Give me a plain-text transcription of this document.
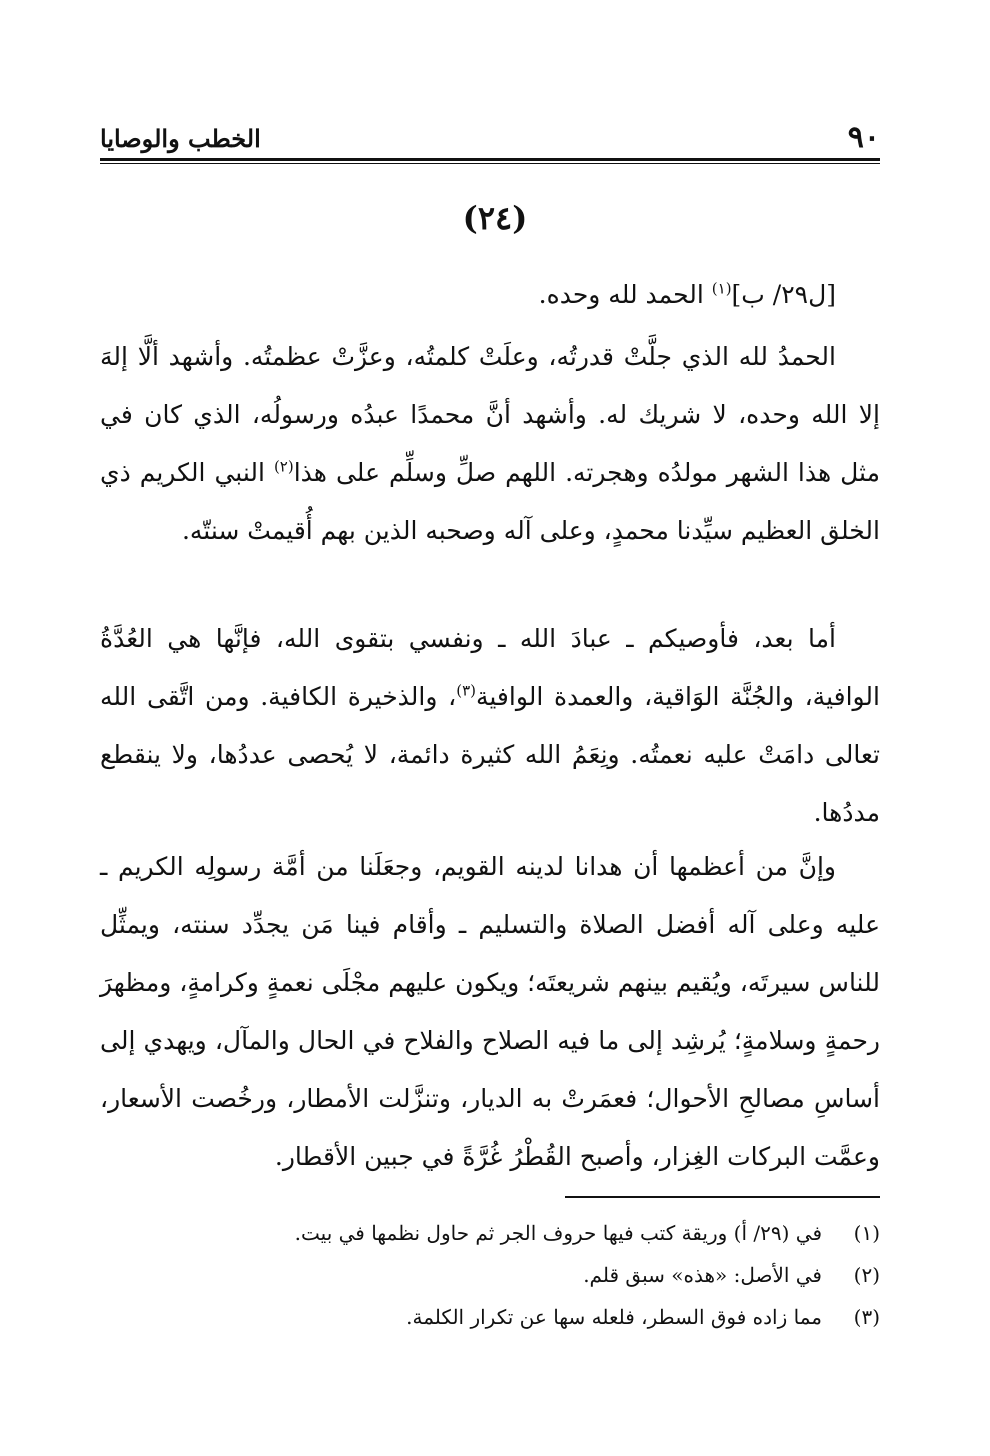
٩٠
الخطب والوصايا
(٢٤)
[ل٢٩/ ب]$^{(١)}$ الحمد لله وحده.
الحمدُ لله الذي جلَّتْ قدرتُه، وعلَتْ كلمتُه، وعزَّتْ عظمتُه. وأشهد ألَّا إلهَ إلا الله وحده، لا شريك له. وأشهد أنَّ محمدًا عبدُه ورسولُه، الذي كان في مثل هذا الشهر مولدُه وهجرته. اللهم صلِّ وسلِّم على هذا$^{(٢)}$ النبي الكريم ذي الخلق العظيم سيِّدنا محمدٍ، وعلى آله وصحبه الذين بهم أُقيمتْ سنتّه.
أما بعد، فأوصيكم ـ عبادَ الله ـ ونفسي بتقوى الله، فإنَّها هي العُدَّةُ الوافية، والجُنَّة الوَاقية، والعمدة الوافية$^{(٣)}$، والذخيرة الكافية. ومن اتَّقى الله تعالى دامَتْ عليه نعمتُه. ونِعَمُ الله كثيرة دائمة، لا يُحصى عددُها، ولا ينقطع مددُها.
وإنَّ من أعظمها أن هدانا لدينه القويم، وجعَلَنا من أمَّة رسولِه الكريم ـ عليه وعلى آله أفضل الصلاة والتسليم ـ وأقام فينا مَن يجدِّد سنته، ويمثِّل للناس سيرتَه، ويُقيم بينهم شريعتَه؛ ويكون عليهم مجْلَى نعمةٍ وكرامةٍ، ومظهرَ رحمةٍ وسلامةٍ؛ يُرشِد إلى ما فيه الصلاح والفلاح في الحال والمآل، ويهدي إلى أساسِ مصالحِ الأحوال؛ فعمَرتْ به الديار، وتنزَّلت الأمطار، ورخُصت الأسعار، وعمَّت البركات الغِزار، وأصبح القُطْرُ غُرَّةً في جبين الأقطار.
(١)في (٢٩/ أ) وريقة كتب فيها حروف الجر ثم حاول نظمها في بيت.
(٢)في الأصل: «هذه» سبق قلم.
(٣)مما زاده فوق السطر، فلعله سها عن تكرار الكلمة.
